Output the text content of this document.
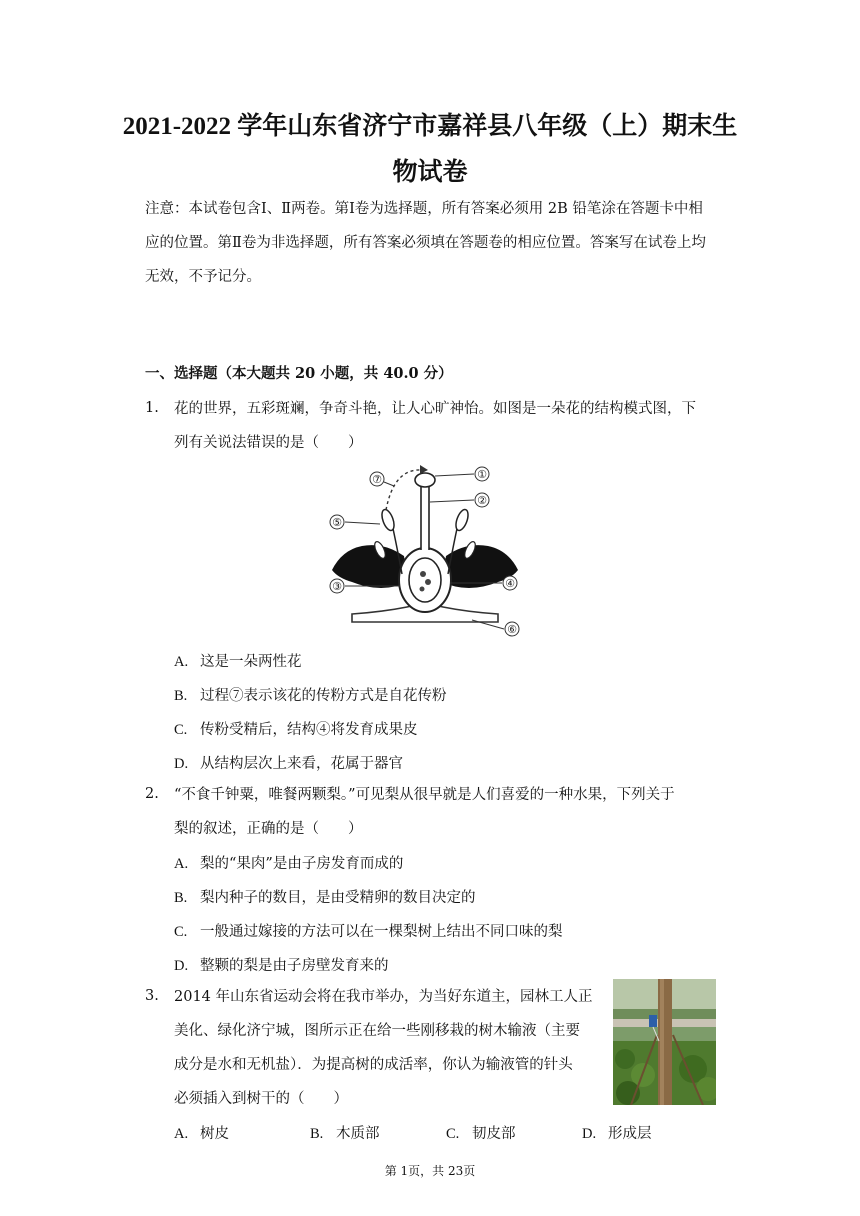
2021-2022 学年山东省济宁市嘉祥县八年级（上）期末生
物试卷
注意：本试卷包含Ⅰ、Ⅱ两卷。第Ⅰ卷为选择题，所有答案必须用 2B 铅笔涂在答题卡中相应的位置。第Ⅱ卷为非选择题，所有答案必须填在答题卷的相应位置。答案写在试卷上均无效，不予记分。
一、选择题（本大题共 20 小题，共 40.0 分）
1. 花的世界，五彩斑斓，争奇斗艳，让人心旷神怡。如图是一朵花的结构模式图，下
列有关说法错误的是（　　）
①
②
③	④
⑤
⑥
⑦
A. 这是一朵两性花
B. 过程⑦表示该花的传粉方式是自花传粉
C. 传粉受精后，结构④将发育成果皮
D. 从结构层次上来看，花属于器官
2. “不食千钟粟，唯餐两颗梨。”可见梨从很早就是人们喜爱的一种水果，下列关于
梨的叙述，正确的是（　　）
A. 梨的“果肉”是由子房发育而成的
B. 梨内种子的数目，是由受精卵的数目决定的
C. 一般通过嫁接的方法可以在一棵梨树上结出不同口味的梨
D. 整颗的梨是由子房壁发育来的
3. 2014 年山东省运动会将在我市举办，为当好东道主，园林工人正
美化、绿化济宁城，图所示正在给一些刚移栽的树木输液（主要
成分是水和无机盐）．为提高树的成活率，你认为输液管的针头
必须插入到树干的（　　）
A. 树皮	B. 木质部	C. 韧皮部	D. 形成层
第 1页，共 23页
